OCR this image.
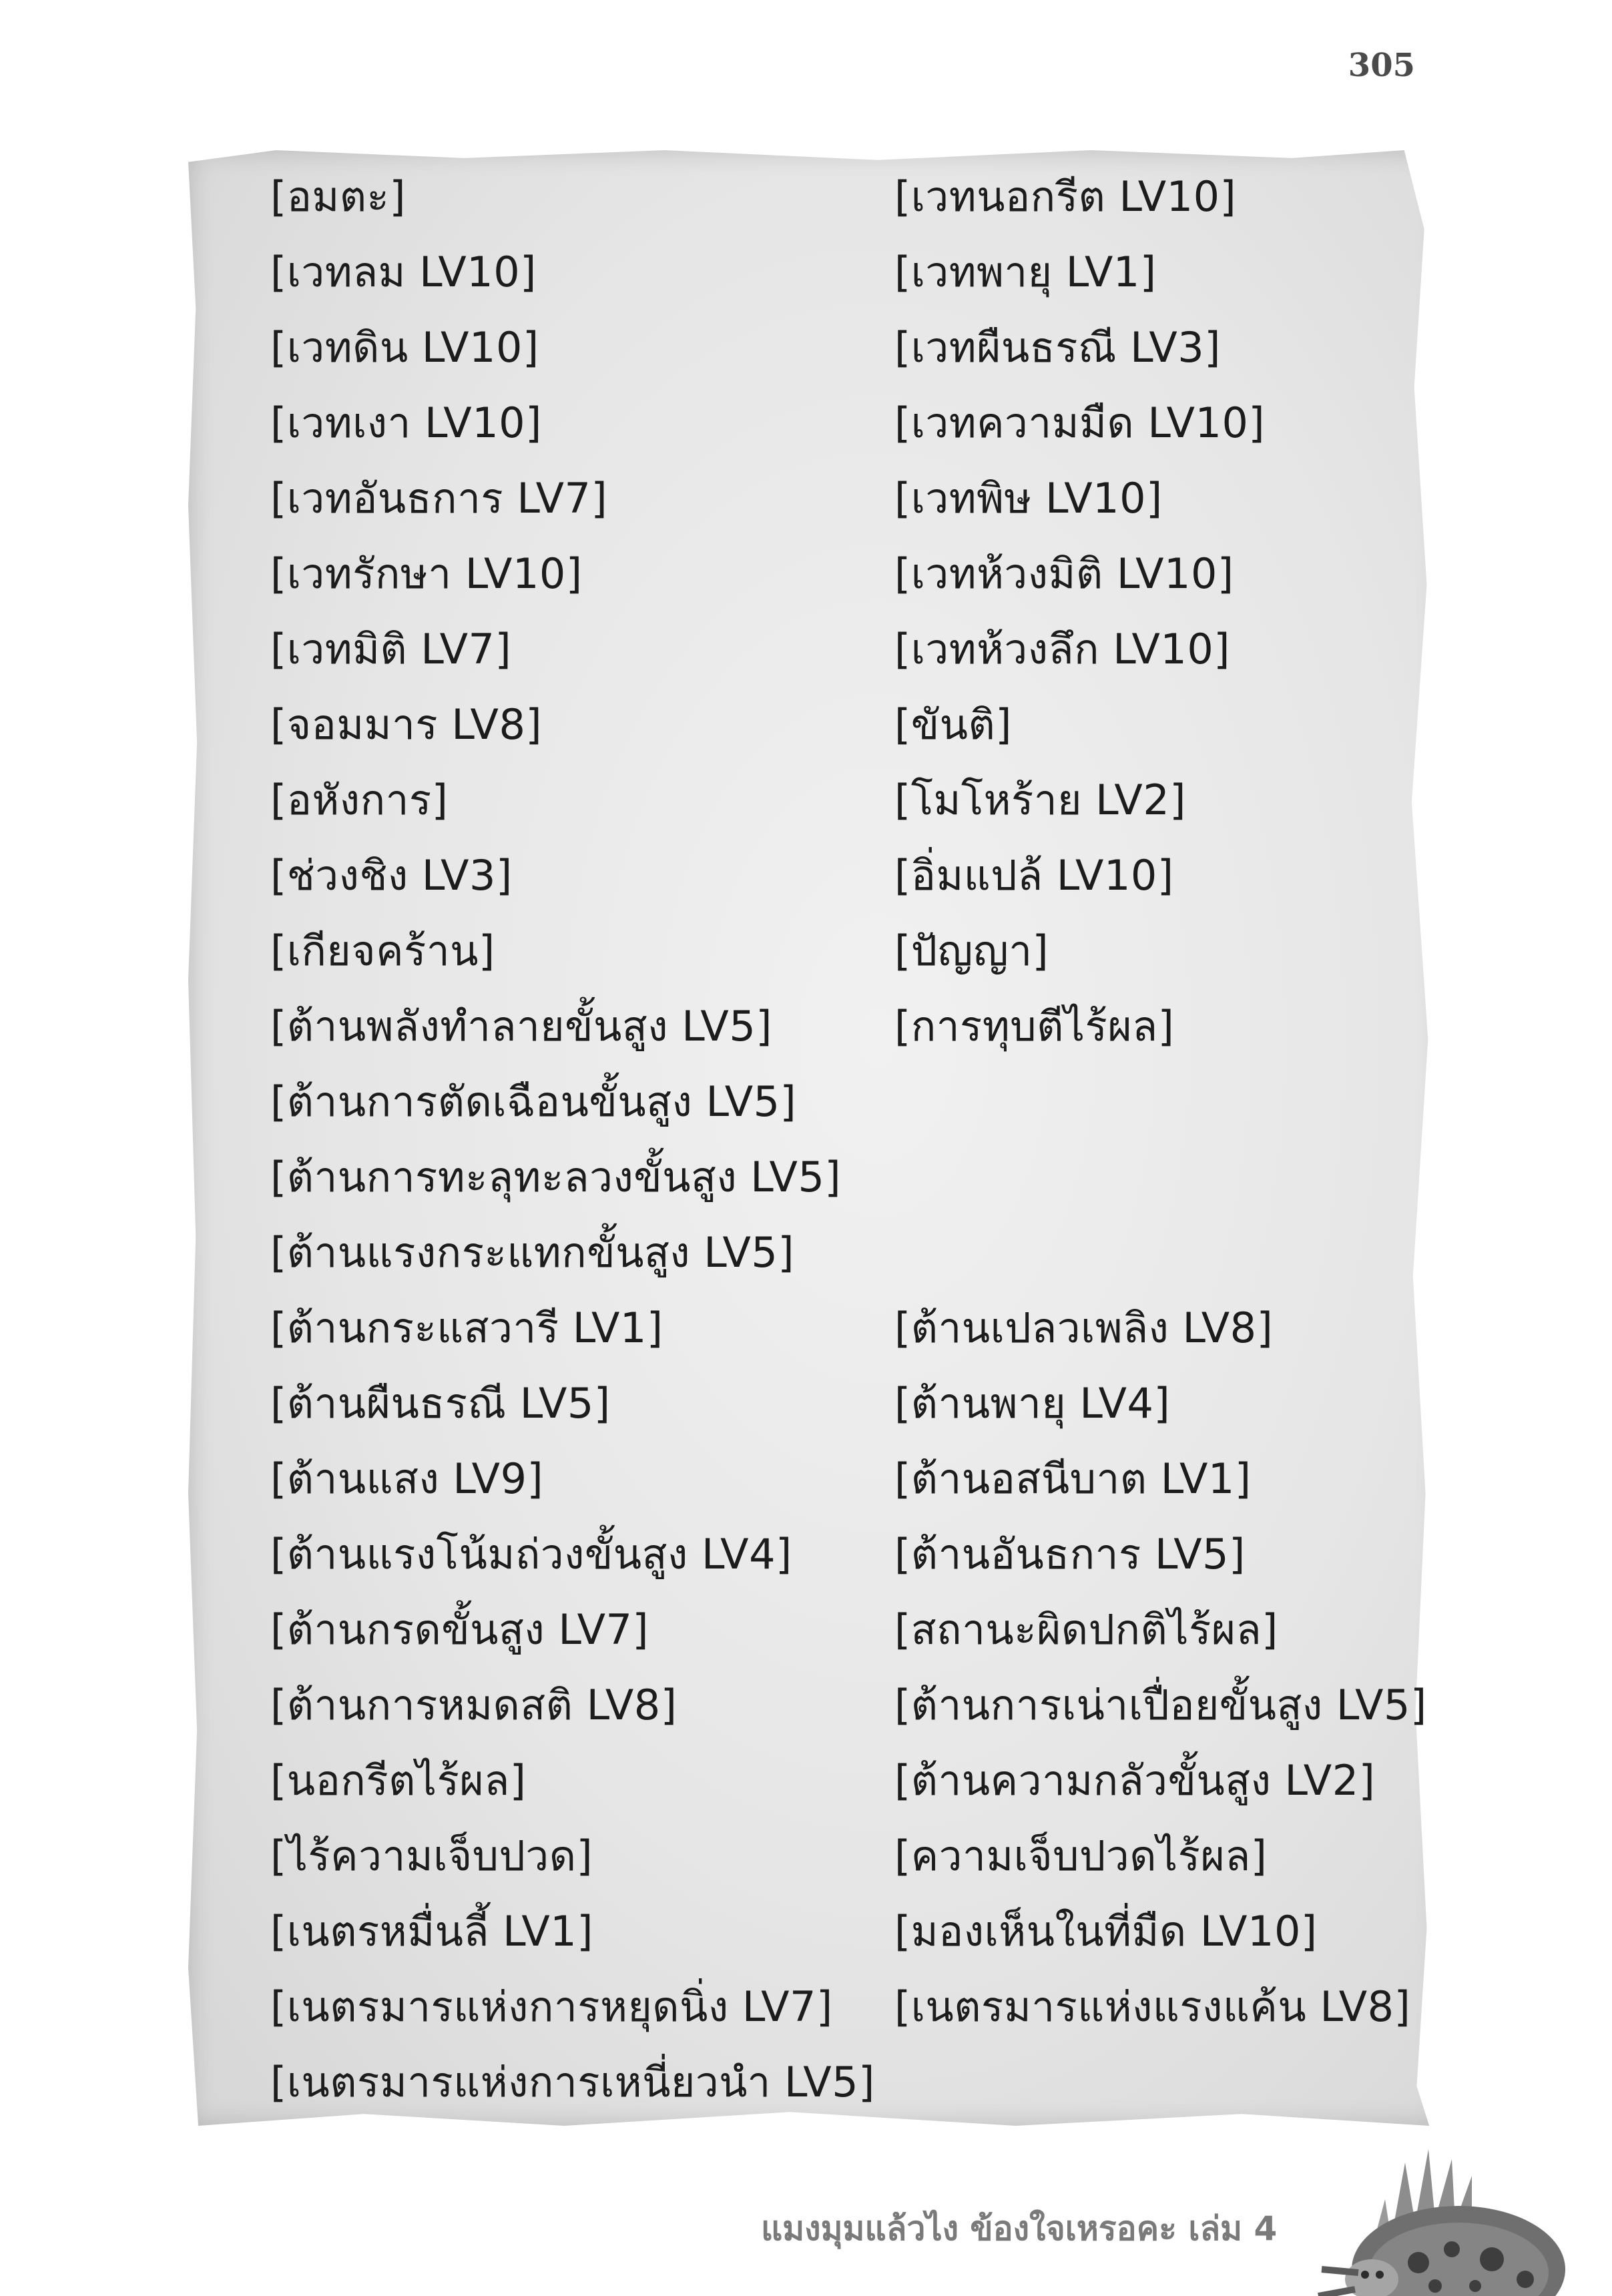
305
[อมตะ]
[เวทลม LV10]
[เวทดิน LV10]
[เวทเงา LV10]
[เวทอันธการ LV7]
[เวทรักษา LV10]
[เวทมิติ LV7]
[จอมมาร LV8]
[อหังการ]
[ช่วงชิง LV3]
[เกียจคร้าน]
[ต้านพลังทำลายขั้นสูง LV5]
[ต้านการตัดเฉือนขั้นสูง LV5]
[ต้านการทะลุทะลวงขั้นสูง LV5]
[ต้านแรงกระแทกขั้นสูง LV5]
[ต้านกระแสวารี LV1]
[ต้านผืนธรณี LV5]
[ต้านแสง LV9]
[ต้านแรงโน้มถ่วงขั้นสูง LV4]
[ต้านกรดขั้นสูง LV7]
[ต้านการหมดสติ LV8]
[นอกรีตไร้ผล]
[ไร้ความเจ็บปวด]
[เนตรหมื่นลี้ LV1]
[เนตรมารแห่งการหยุดนิ่ง LV7]
[เนตรมารแห่งการเหนี่ยวนำ LV5]
[เวทนอกรีต LV10]
[เวทพายุ LV1]
[เวทผืนธรณี LV3]
[เวทความมืด LV10]
[เวทพิษ LV10]
[เวทห้วงมิติ LV10]
[เวทห้วงลึก LV10]
[ขันติ]
[โมโหร้าย LV2]
[อิ่มแปล้ LV10]
[ปัญญา]
[การทุบตีไร้ผล]
[ต้านเปลวเพลิง LV8]
[ต้านพายุ LV4]
[ต้านอสนีบาต LV1]
[ต้านอันธการ LV5]
[สถานะผิดปกติไร้ผล]
[ต้านการเน่าเปื่อยขั้นสูง LV5]
[ต้านความกลัวขั้นสูง LV2]
[ความเจ็บปวดไร้ผล]
[มองเห็นในที่มืด LV10]
[เนตรมารแห่งแรงแค้น LV8]
แมงมุมแล้วไง ข้องใจเหรอคะ เล่ม 4
